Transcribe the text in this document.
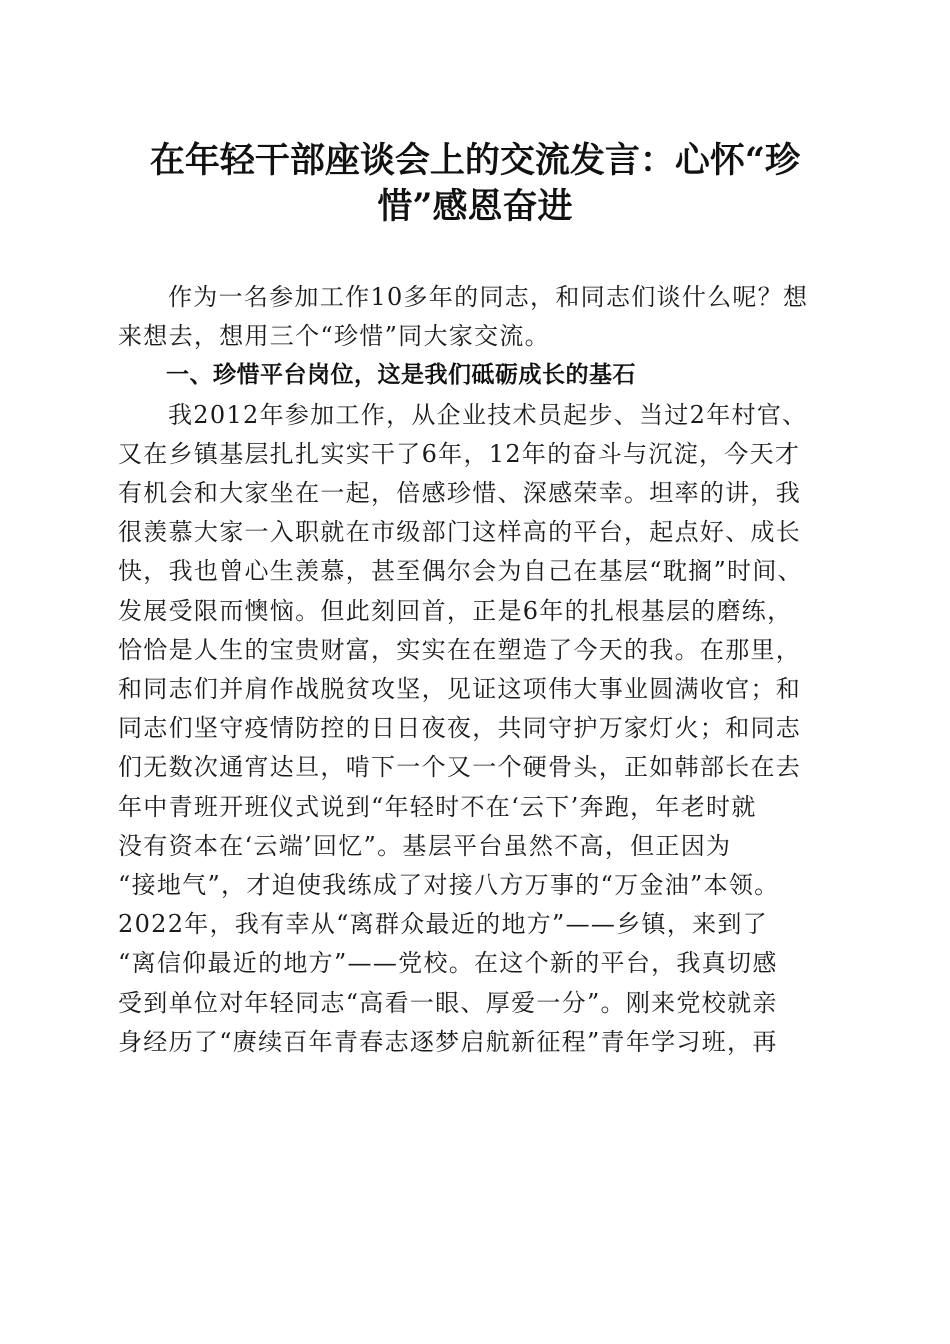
在年轻干部座谈会上的交流发言：心怀“珍
惜”感恩奋进
作为一名参加工作10多年的同志，和同志们谈什么呢？想
来想去，想用三个“珍惜”同大家交流。
一、珍惜平台岗位，这是我们砥砺成长的基石
我2012年参加工作，从企业技术员起步、当过2年村官、
又在乡镇基层扎扎实实干了6年，12年的奋斗与沉淀，今天才
有机会和大家坐在一起，倍感珍惜、深感荣幸。坦率的讲，我
很羡慕大家一入职就在市级部门这样高的平台，起点好、成长
快，我也曾心生羡慕，甚至偶尔会为自己在基层“耽搁”时间、
发展受限而懊恼。但此刻回首，正是6年的扎根基层的磨练，
恰恰是人生的宝贵财富，实实在在塑造了今天的我。在那里，
和同志们并肩作战脱贫攻坚，见证这项伟大事业圆满收官；和
同志们坚守疫情防控的日日夜夜，共同守护万家灯火；和同志
们无数次通宵达旦，啃下一个又一个硬骨头，正如韩部长在去
年中青班开班仪式说到“年轻时不在‘云下’奔跑，年老时就
没有资本在‘云端’回忆”。基层平台虽然不高，但正因为
“接地气”，才迫使我练成了对接八方万事的“万金油”本领。
2022年，我有幸从“离群众最近的地方”——乡镇，来到了
“离信仰最近的地方”——党校。在这个新的平台，我真切感
受到单位对年轻同志“高看一眼、厚爱一分”。刚来党校就亲
身经历了“赓续百年青春志逐梦启航新征程”青年学习班，再
